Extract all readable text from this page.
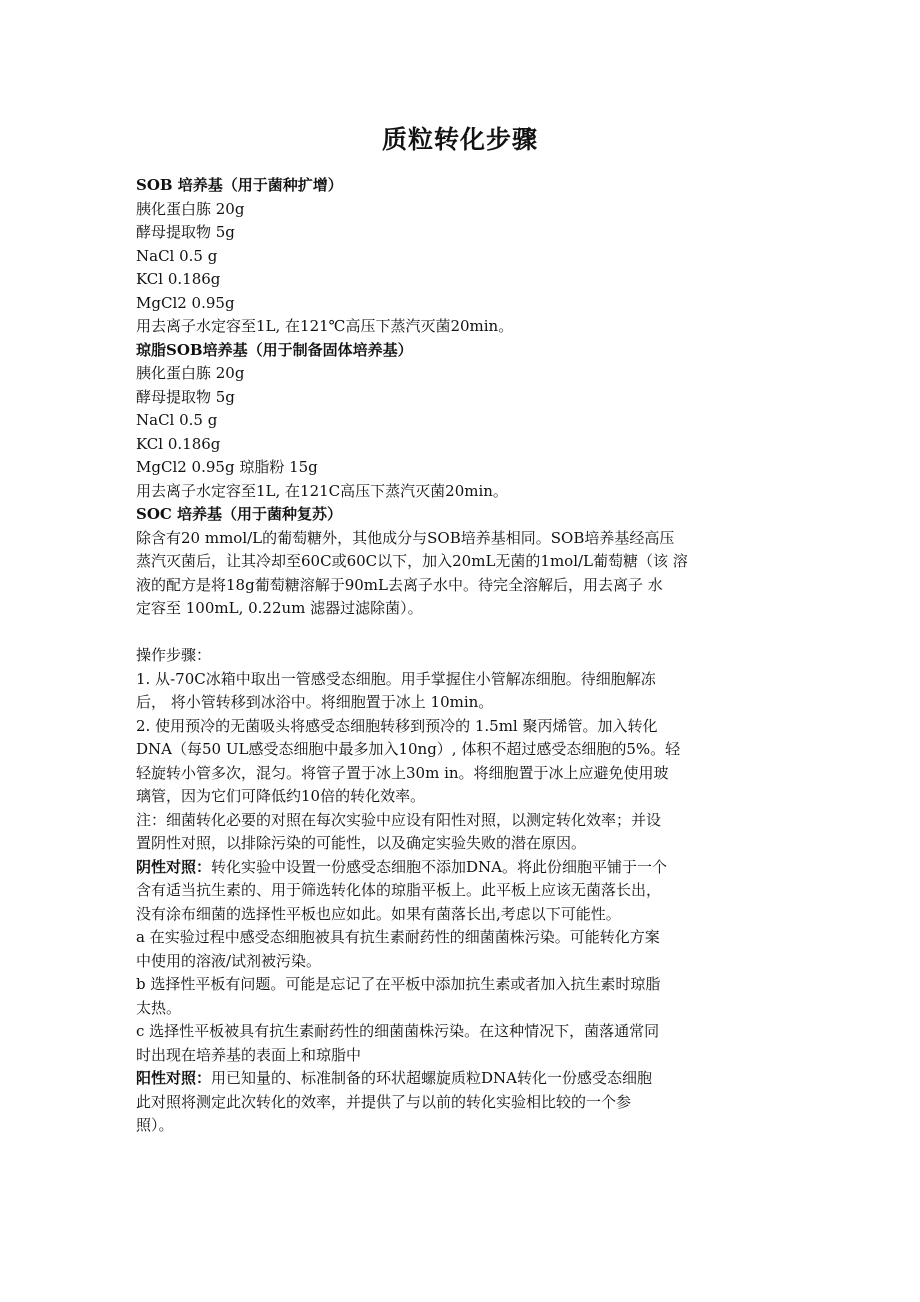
质粒转化步骤
SOB 培养基（用于菌种扩增）
胰化蛋白胨 20g
酵母提取物 5g
NaCl 0.5 g
KCl 0.186g
MgCl2 0.95g
用去离子水定容至1L, 在121℃高压下蒸汽灭菌20min。
琼脂SOB培养基（用于制备固体培养基）
胰化蛋白胨 20g
酵母提取物 5g
NaCl 0.5 g
KCl 0.186g
MgCl2 0.95g 琼脂粉 15g
用去离子水定容至1L, 在121C高压下蒸汽灭菌20min。
SOC 培养基（用于菌种复苏）
除含有20 mmol/L的葡萄糖外，其他成分与SOB培养基相同。SOB培养基经高压
蒸汽灭菌后，让其冷却至60C或60C以下，加入20mL无菌的1mol/L葡萄糖（该 溶
液的配方是将18g葡萄糖溶解于90mL去离子水中。待完全溶解后，用去离子 水
定容至 100mL, 0.22um 滤器过滤除菌）。
操作步骤：
1. 从-70C冰箱中取出一管感受态细胞。用手掌握住小管解冻细胞。待细胞解冻
后， 将小管转移到冰浴中。将细胞置于冰上 10min。
2. 使用预冷的无菌吸头将感受态细胞转移到预冷的 1.5ml 聚丙烯管。加入转化
DNA（每50 UL感受态细胞中最多加入10ng）, 体积不超过感受态细胞的5%。轻
轻旋转小管多次，混匀。将管子置于冰上30m in。将细胞置于冰上应避免使用玻
璃管，因为它们可降低约10倍的转化效率。
注：细菌转化必要的对照在每次实验中应设有阳性对照，以测定转化效率；并设
置阴性对照，以排除污染的可能性，以及确定实验失败的潜在原因。
阴性对照：转化实验中设置一份感受态细胞不添加DNA。将此份细胞平铺于一个
含有适当抗生素的、用于筛选转化体的琼脂平板上。此平板上应该无菌落长出，
没有涂布细菌的选择性平板也应如此。如果有菌落长出,考虑以下可能性。
a 在实验过程中感受态细胞被具有抗生素耐药性的细菌菌株污染。可能转化方案
中使用的溶液/试剂被污染。
b 选择性平板有问题。可能是忘记了在平板中添加抗生素或者加入抗生素时琼脂
太热。
c 选择性平板被具有抗生素耐药性的细菌菌株污染。在这种情况下，菌落通常同
时出现在培养基的表面上和琼脂中
阳性对照：用已知量的、标准制备的环状超螺旋质粒DNA转化一份感受态细胞
此对照将测定此次转化的效率，并提供了与以前的转化实验相比较的一个参
照）。
